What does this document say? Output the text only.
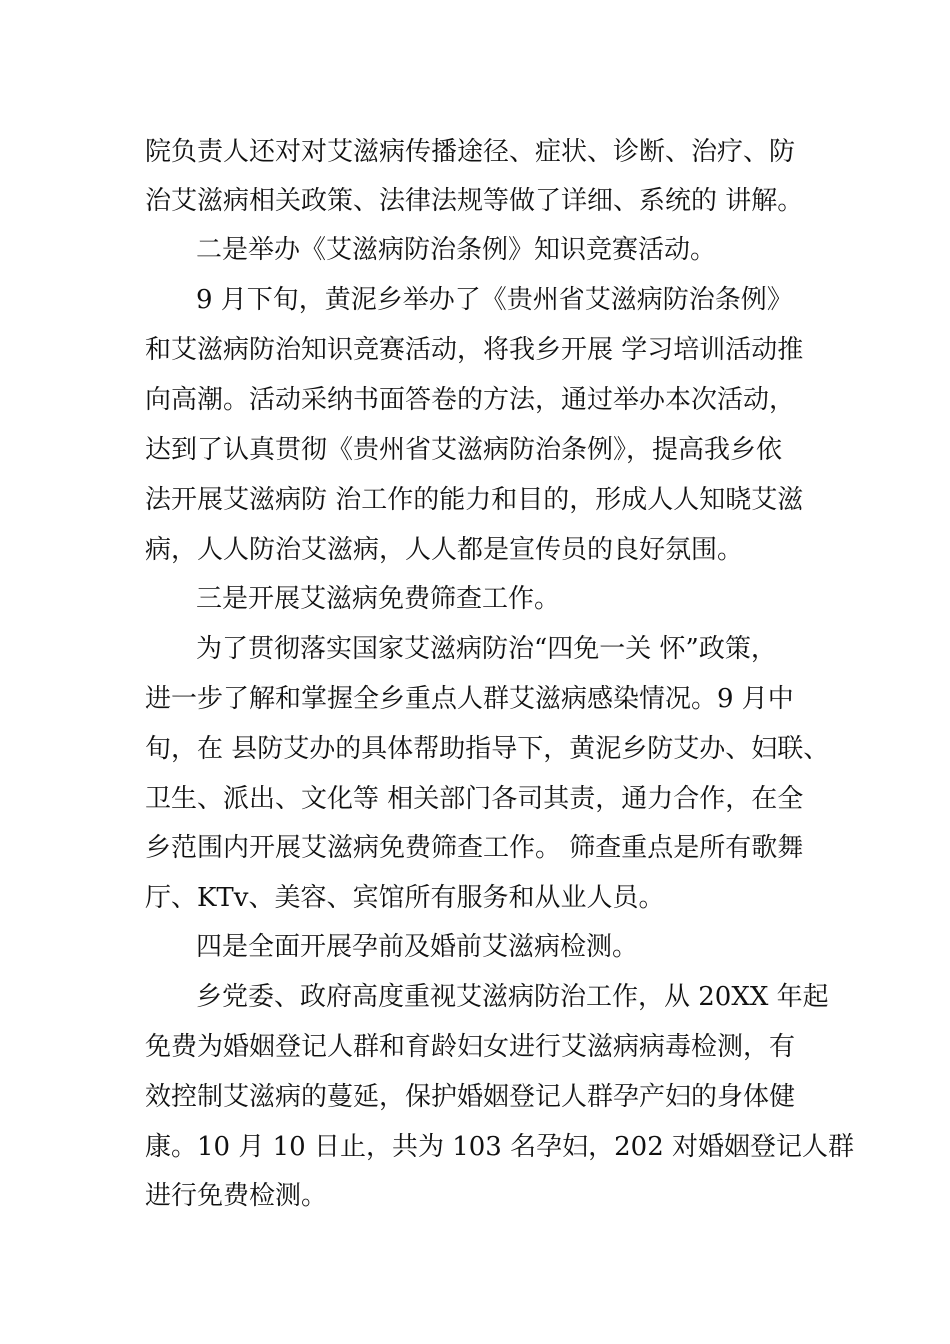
院负责人还对对艾滋病传播途径、症状、诊断、治疗、防
治艾滋病相关政策、法律法规等做了详细、系统的 讲解。
二是举办《艾滋病防治条例》知识竞赛活动。
9 月下旬，黄泥乡举办了《贵州省艾滋病防治条例》
和艾滋病防治知识竞赛活动，将我乡开展 学习培训活动推
向高潮。活动采纳书面答卷的方法，通过举办本次活动，
达到了认真贯彻《贵州省艾滋病防治条例》，提高我乡依
法开展艾滋病防 治工作的能力和目的，形成人人知晓艾滋
病，人人防治艾滋病，人人都是宣传员的良好氛围。
三是开展艾滋病免费筛查工作。
为了贯彻落实国家艾滋病防治“四免一关 怀”政策，
进一步了解和掌握全乡重点人群艾滋病感染情况。9 月中
旬，在 县防艾办的具体帮助指导下，黄泥乡防艾办、妇联、
卫生、派出、文化等 相关部门各司其责，通力合作，在全
乡范围内开展艾滋病免费筛查工作。 筛查重点是所有歌舞
厅、KTv、美容、宾馆所有服务和从业人员。
四是全面开展孕前及婚前艾滋病检测。
乡党委、政府高度重视艾滋病防治工作，从 20XX 年起
免费为婚姻登记人群和育龄妇女进行艾滋病病毒检测，有
效控制艾滋病的蔓延，保护婚姻登记人群孕产妇的身体健
康。10 月 10 日止，共为 103 名孕妇，202 对婚姻登记人群
进行免费检测。
